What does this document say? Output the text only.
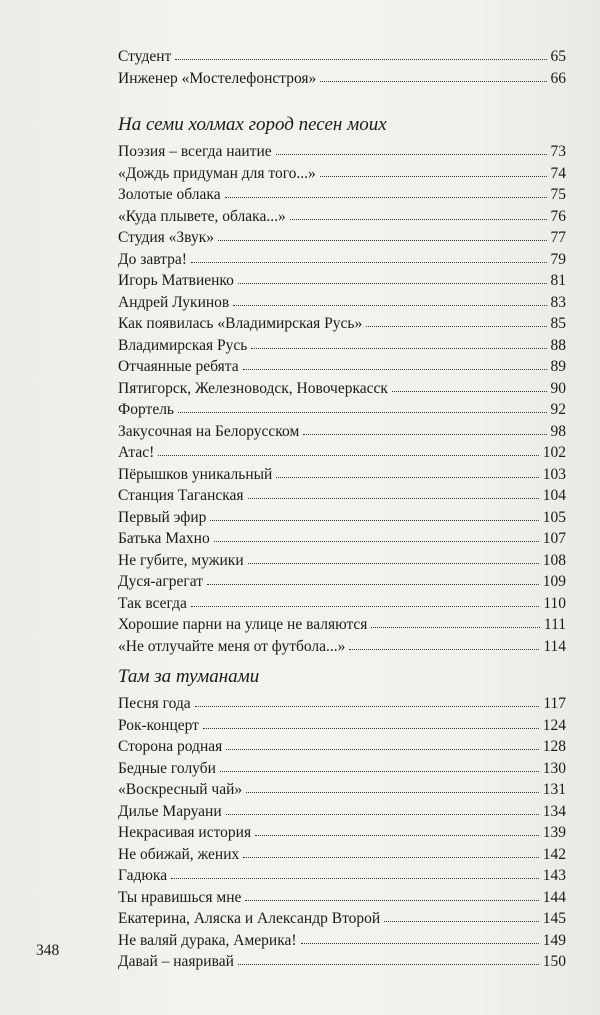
Студент	65
Инженер «Мостелефонстроя»	66
На семи холмах город песен моих
Поэзия – всегда наитие	73
«Дождь придуман для того...»	74
Золотые облака	75
«Куда плывете, облака...»	76
Студия «Звук»	77
До завтра!	79
Игорь Матвиенко	81
Андрей Лукинов	83
Как появилась «Владимирская Русь»	85
Владимирская Русь	88
Отчаянные ребята	89
Пятигорск, Железноводск, Новочеркасск	90
Фортель	92
Закусочная на Белорусском	98
Атас!	102
Пёрышков уникальный	103
Станция Таганская	104
Первый эфир	105
Батька Махно	107
Не губите, мужики	108
Дуся-агрегат	109
Так всегда	110
Хорошие парни на улице не валяются	111
«Не отлучайте меня от футбола...»	114
Там за туманами
Песня года	117
Рок-концерт	124
Сторона родная	128
Бедные голуби	130
«Воскресный чай»	131
Дилье Маруани	134
Некрасивая история	139
Не обижай, жених	142
Гадюка	143
Ты нравишься мне	144
Екатерина, Аляска и Александр Второй	145
Не валяй дурака, Америка!	149
Давай – наяривай	150
348
